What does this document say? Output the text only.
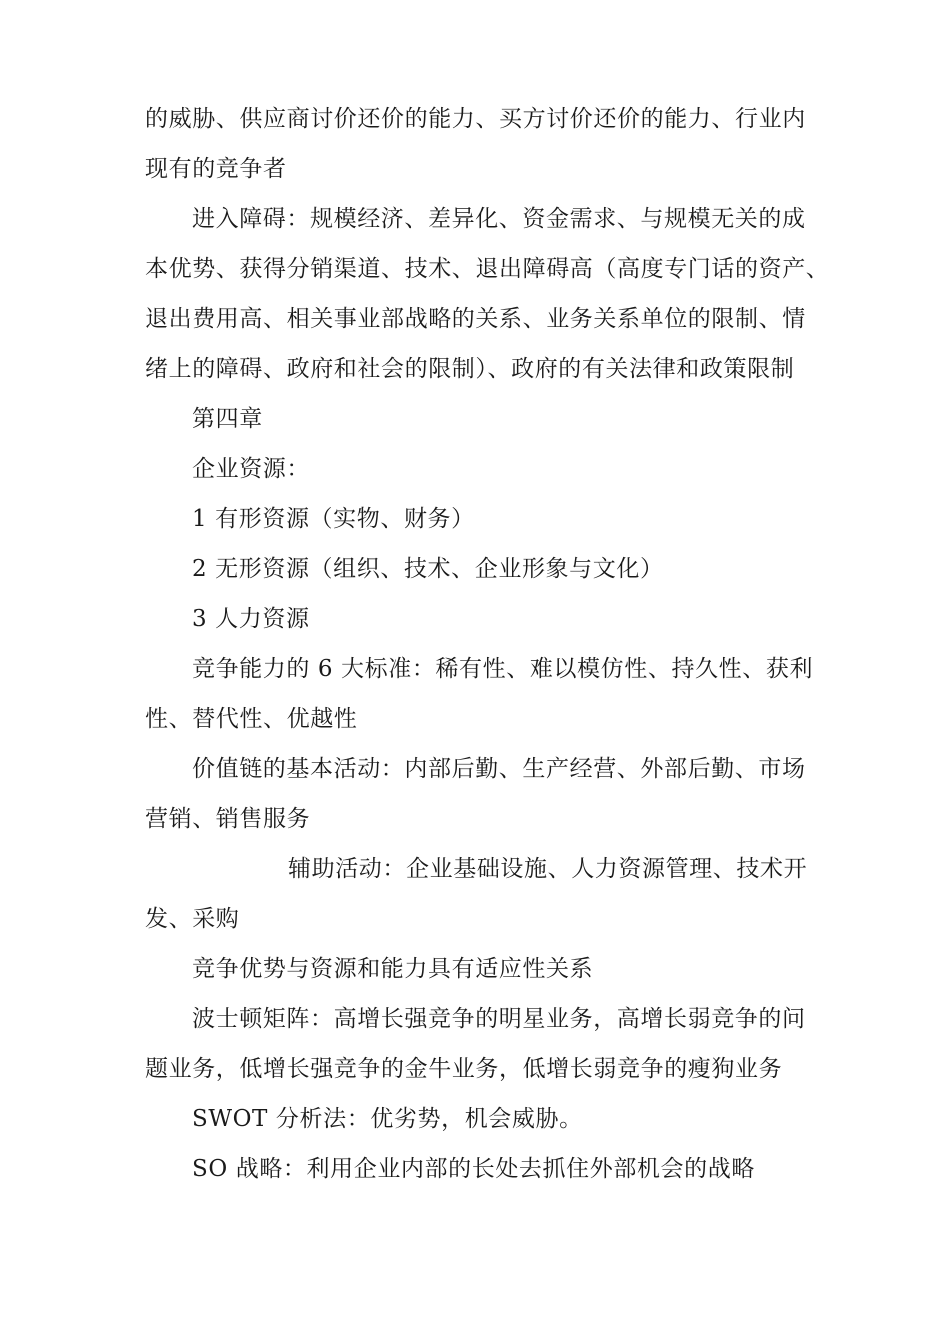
的威胁、供应商讨价还价的能力、买方讨价还价的能力、行业内
现有的竞争者

进入障碍：规模经济、差异化、资金需求、与规模无关的成
本优势、获得分销渠道、技术、退出障碍高（高度专门话的资产、
退出费用高、相关事业部战略的关系、业务关系单位的限制、情
绪上的障碍、政府和社会的限制）、政府的有关法律和政策限制

第四章

企业资源：

1 有形资源（实物、财务）

2 无形资源（组织、技术、企业形象与文化）

3 人力资源

竞争能力的 6 大标准：稀有性、难以模仿性、持久性、获利
性、替代性、优越性

价值链的基本活动：内部后勤、生产经营、外部后勤、市场
营销、销售服务

辅助活动：企业基础设施、人力资源管理、技术开
发、采购

竞争优势与资源和能力具有适应性关系

波士顿矩阵：高增长强竞争的明星业务，高增长弱竞争的问
题业务，低增长强竞争的金牛业务，低增长弱竞争的瘦狗业务

SWOT 分析法：优劣势，机会威胁。

SO 战略：利用企业内部的长处去抓住外部机会的战略
